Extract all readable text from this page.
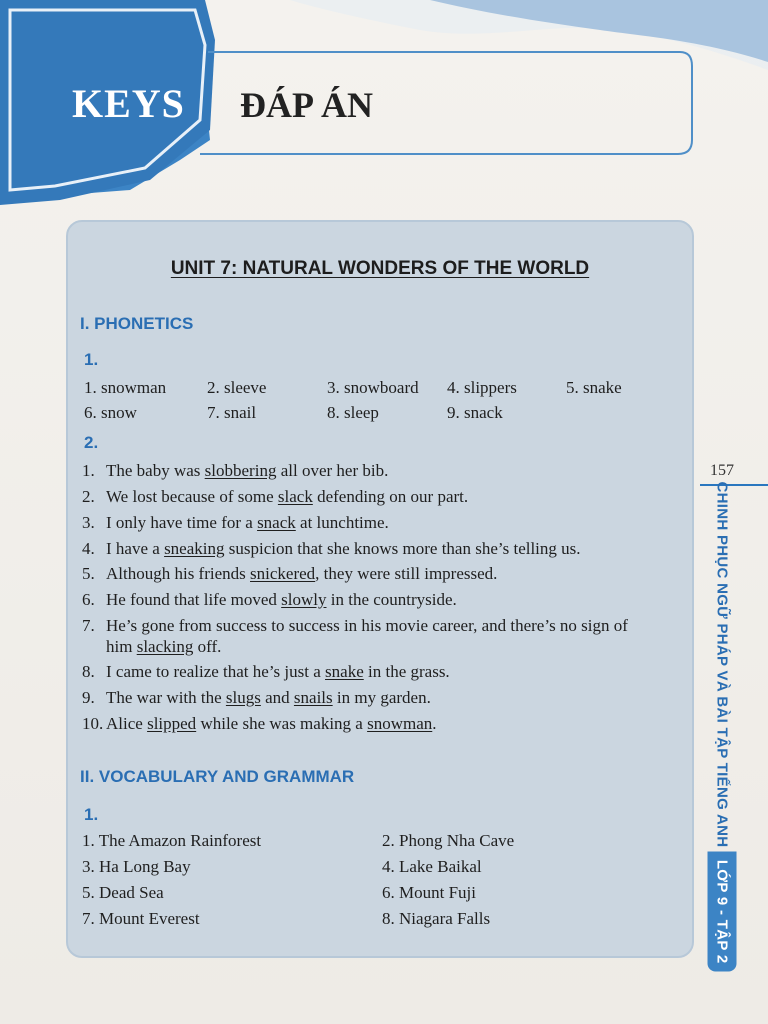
KEYS ĐÁP ÁN
UNIT 7: NATURAL WONDERS OF THE WORLD
I. PHONETICS
1.
1. snowman 2. sleeve	3. snowboard 4. slippers	5. snake
6. snow	7. snail	8. sleep	9. snack
2.
1. The baby was slobbering all over her bib.
2. We lost because of some slack defending on our part.
3. I only have time for a snack at lunchtime.
4. I have a sneaking suspicion that she knows more than she’s telling us.
5. Although his friends snickered, they were still impressed.
6. He found that life moved slowly in the countryside.
7. He’s gone from success to success in his movie career, and there’s no sign of
him slacking off.
8. I came to realize that he’s just a snake in the grass.
9. The war with the slugs and snails in my garden.
10. Alice slipped while she was making a snowman.
II. VOCABULARY AND GRAMMAR
1.
1. The Amazon Rainforest	2. Phong Nha Cave
3. Ha Long Bay	4. Lake Baikal
5. Dead Sea	6. Mount Fuji
7. Mount Everest	8. Niagara Falls
157
CHINH PHỤC NGỮ PHÁP VÀ BÀI TẬP TIẾNG ANH LỚP 9 - TẬP 2
